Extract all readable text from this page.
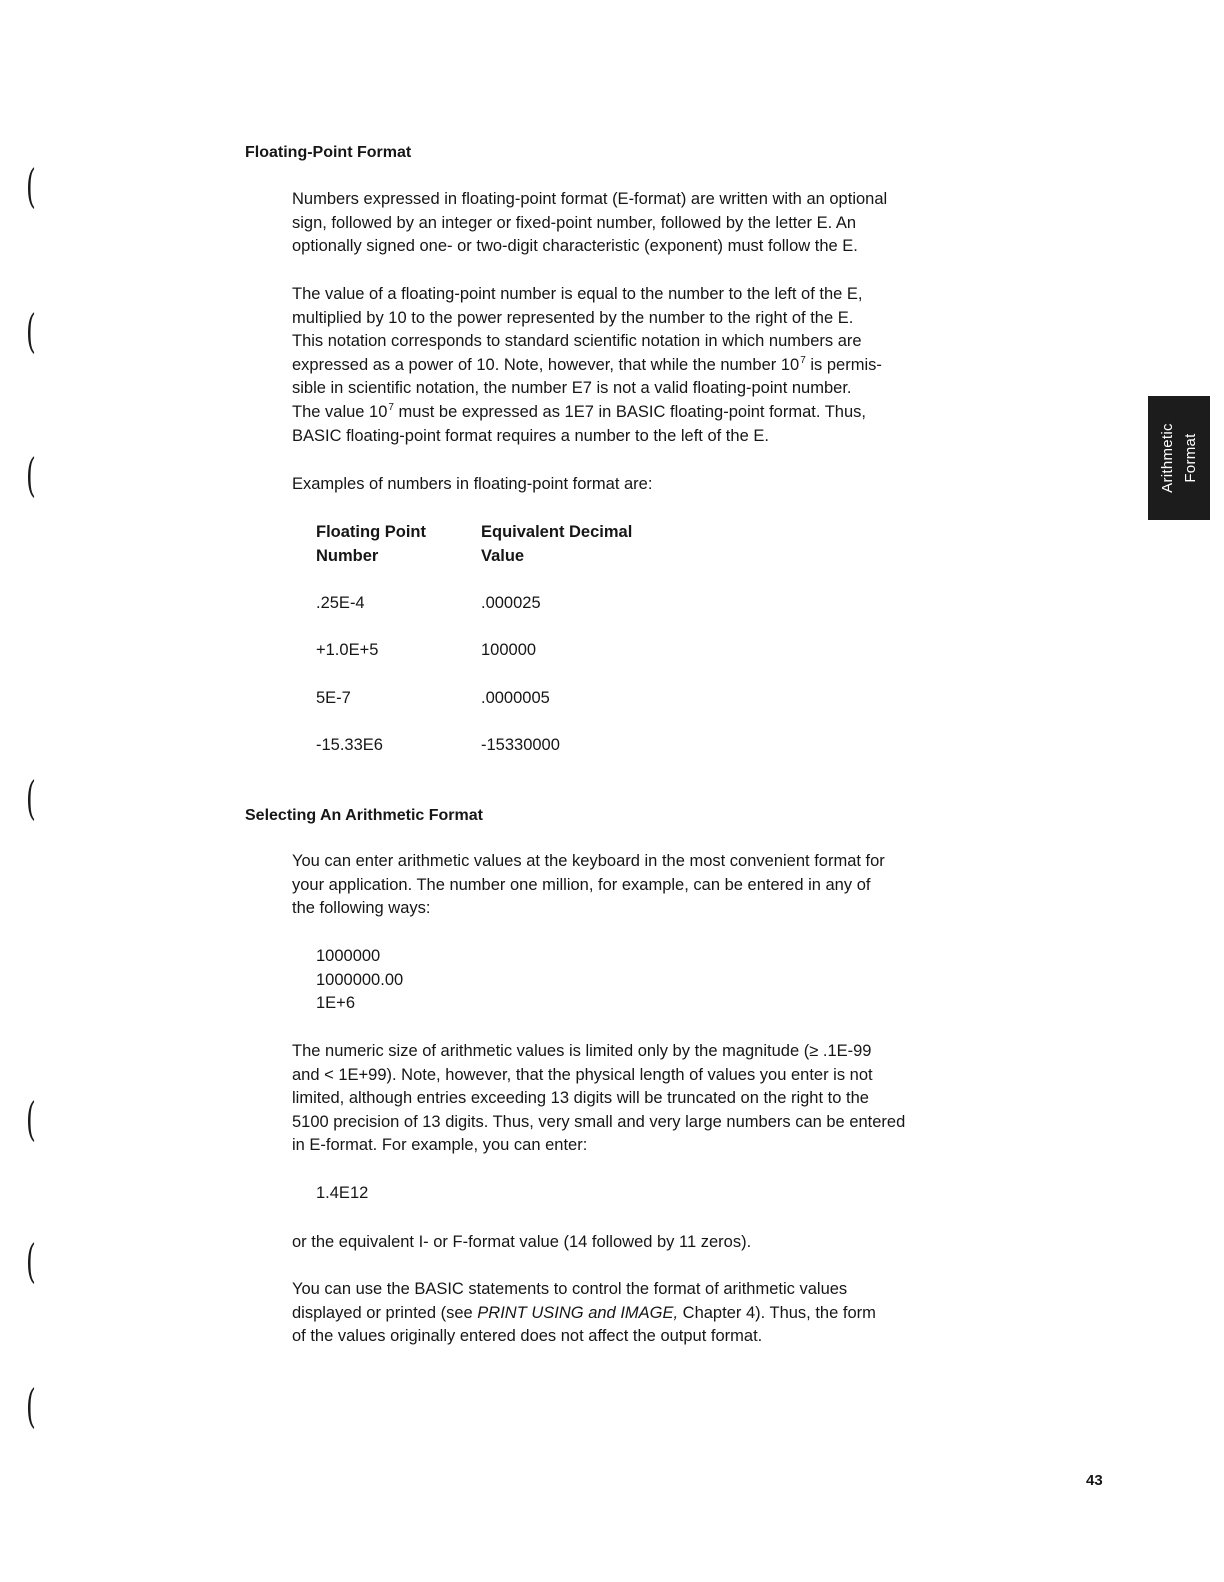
(
(
(
(
(
(
(
Floating-Point Format

Numbers expressed in floating-point format (E-format) are written with an optional
sign, followed by an integer or fixed-point number, followed by the letter E. An
optionally signed one- or two-digit characteristic (exponent) must follow the E.

The value of a floating-point number is equal to the number to the left of the E,
multiplied by 10 to the power represented by the number to the right of the E.
This notation corresponds to standard scientific notation in which numbers are
expressed as a power of 10. Note, however, that while the number $10^7$ is permis-
sible in scientific notation, the number E7 is not a valid floating-point number.
The value $10^7$ must be expressed as 1E7 in BASIC floating-point format. Thus,
BASIC floating-point format requires a number to the left of the E.

Examples of numbers in floating-point format are:

Floating Point
Number	Equivalent Decimal
Value

.25E-4	.000025
+1.0E+5	100000
5E-7	.0000005
-15.33E6	-15330000
Selecting An Arithmetic Format

You can enter arithmetic values at the keyboard in the most convenient format for
your application. The number one million, for example, can be entered in any of
the following ways:

1000000
1000000.00
1E+6

The numeric size of arithmetic values is limited only by the magnitude (≥ .1E-99
and < 1E+99). Note, however, that the physical length of values you enter is not
limited, although entries exceeding 13 digits will be truncated on the right to the
5100 precision of 13 digits. Thus, very small and very large numbers can be entered
in E-format. For example, you can enter:

1.4E12

or the equivalent I- or F-format value (14 followed by 11 zeros).

You can use the BASIC statements to control the format of arithmetic values
displayed or printed (see PRINT USING and IMAGE, Chapter 4). Thus, the form
of the values originally entered does not affect the output format.

Arithmetic Format
43
